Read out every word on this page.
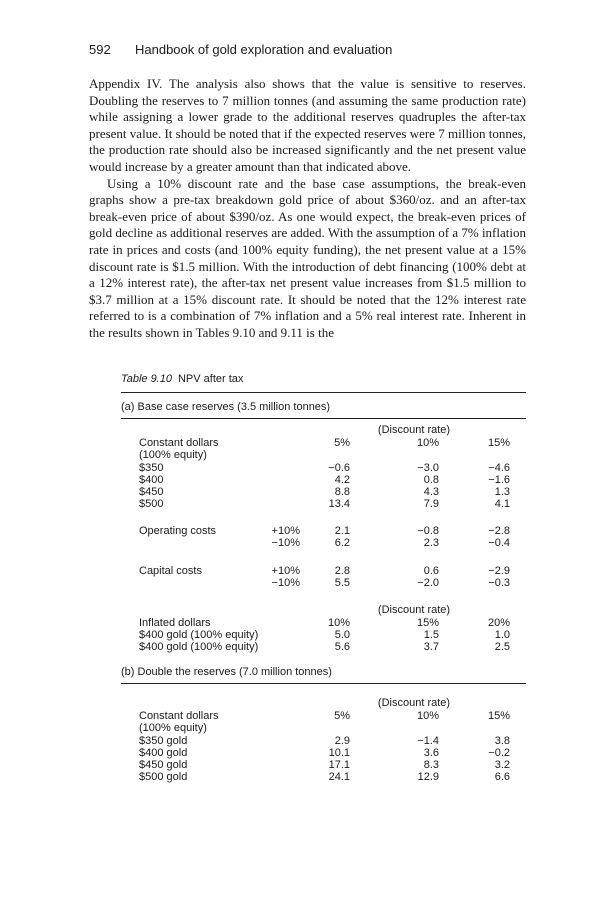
592 Handbook of gold exploration and evaluation

Appendix IV. The analysis also shows that the value is sensitive to reserves. Doubling the reserves to 7 million tonnes (and assuming the same production rate) while assigning a lower grade to the additional reserves quadruples the after-tax present value. It should be noted that if the expected reserves were 7 million tonnes, the production rate should also be increased significantly and the net present value would increase by a greater amount than that indicated above.

Using a 10% discount rate and the base case assumptions, the break-even graphs show a pre-tax breakdown gold price of about $360/oz. and an after-tax break-even price of about $390/oz. As one would expect, the break-even prices of gold decline as additional reserves are added. With the assumption of a 7% inflation rate in prices and costs (and 100% equity funding), the net present value at a 15% discount rate is $1.5 million. With the introduction of debt financing (100% debt at a 12% interest rate), the after-tax net present value increases from $1.5 million to $3.7 million at a 15% discount rate. It should be noted that the 12% interest rate referred to is a combination of 7% inflation and a 5% real interest rate. Inherent in the results shown in Tables 9.10 and 9.11 is the

Table 9.10 NPV after tax
(a) Base case reserves (3.5 million tonnes)
(Discount rate)
Constant dollars
(100% equity)
5%	10%	15%
$350	−0.6	−3.0	−4.6
$400	4.2	0.8	−1.6
$450	8.8	4.3	1.3
$500	13.4	7.9	4.1
Operating costs	+10%	2.1	−0.8	−2.8
−10%	6.2	2.3	−0.4
Capital costs	+10%	2.8	0.6	−2.9
−10%	5.5	−2.0	−0.3
(Discount rate)
Inflated dollars	10%	15%	20%
$400 gold (100% equity)	5.0	1.5	1.0
$400 gold (100% equity)	5.6	3.7	2.5
(b) Double the reserves (7.0 million tonnes)
(Discount rate)
Constant dollars
(100% equity)
5%	10%	15%
$350 gold	2.9	−1.4	3.8
$400 gold	10.1	3.6	−0.2
$450 gold	17.1	8.3	3.2
$500 gold	24.1	12.9	6.6
